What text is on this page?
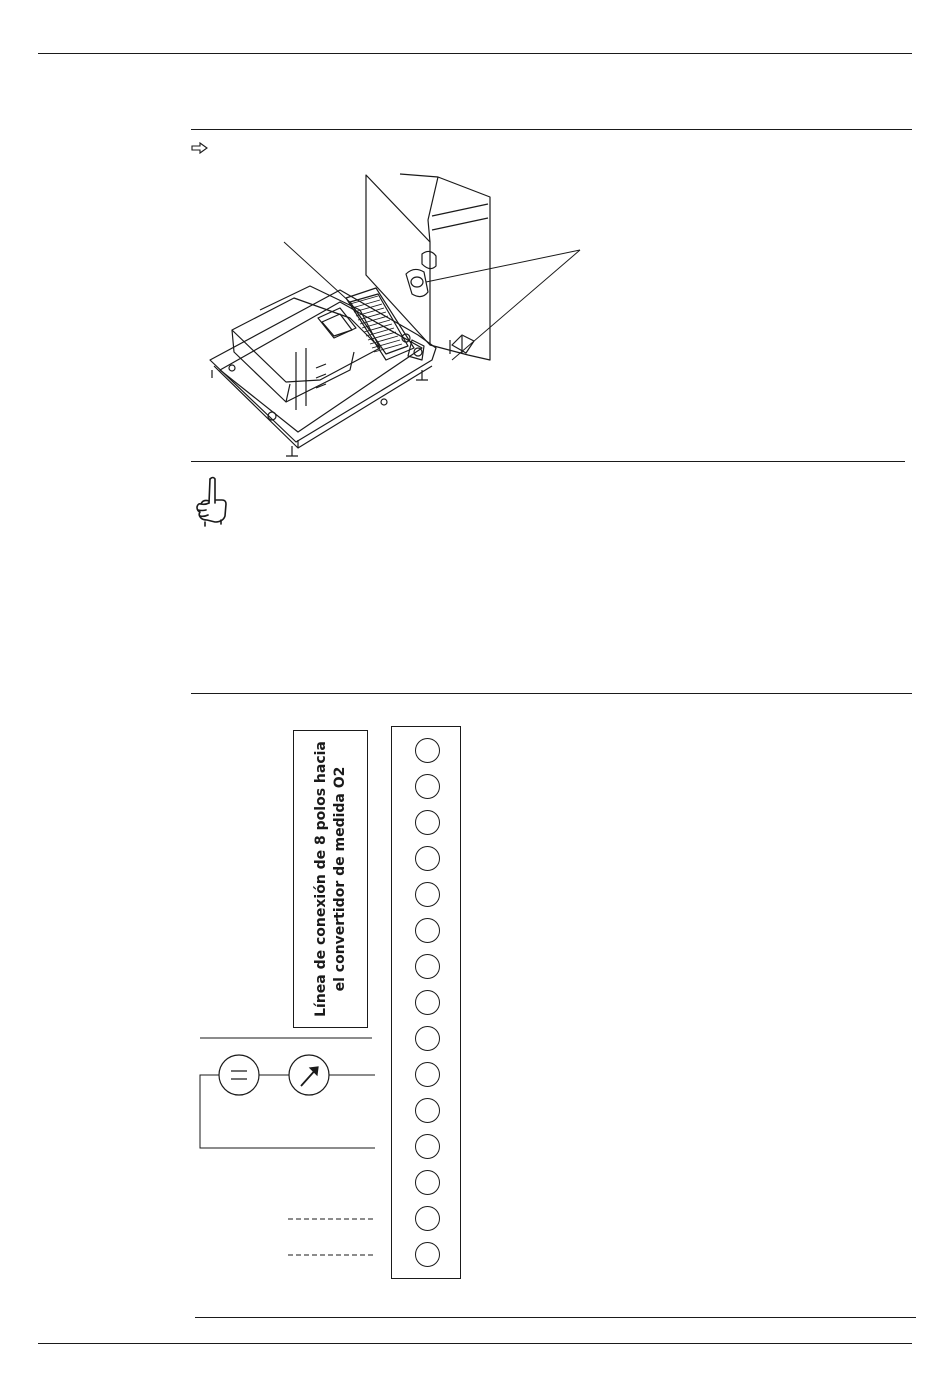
Línea de conexión de 8 polos hacia el convertidor de medida O2
